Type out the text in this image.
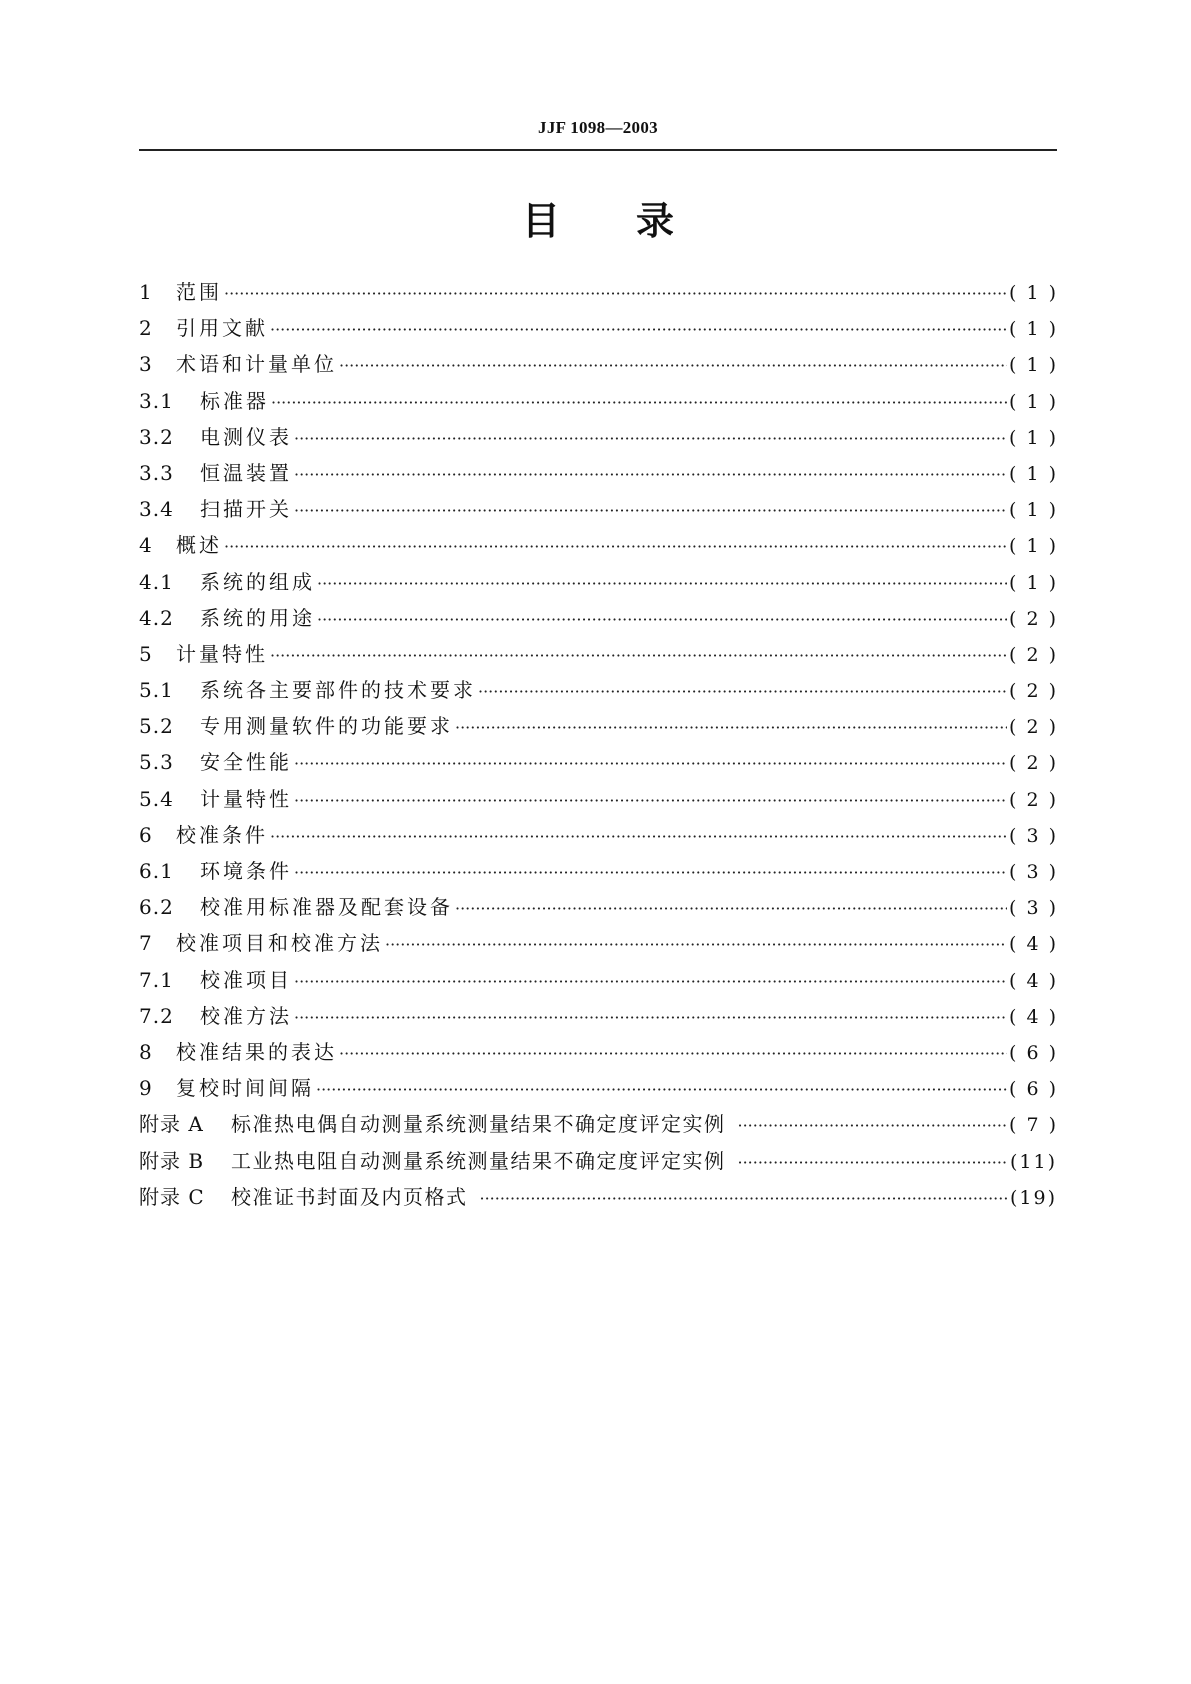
JJF 1098—2003
目录
1	范围 ·····	( 1 )
2	引用文献 ·····	( 1 )
3	术语和计量单位 ·····	( 1 )
3.1	标准器 ·····	( 1 )
3.2	电测仪表 ·····	( 1 )
3.3	恒温装置 ·····	( 1 )
3.4	扫描开关 ·····	( 1 )
4	概述 ·····	( 1 )
4.1	系统的组成 ·····	( 1 )
4.2	系统的用途 ·····	( 2 )
5	计量特性 ·····	( 2 )
5.1	系统各主要部件的技术要求 ·····	( 2 )
5.2	专用测量软件的功能要求 ·····	( 2 )
5.3	安全性能 ·····	( 2 )
5.4	计量特性 ·····	( 2 )
6	校准条件 ·····	( 3 )
6.1	环境条件 ·····	( 3 )
6.2	校准用标准器及配套设备 ·····	( 3 )
7	校准项目和校准方法 ·····	( 4 )
7.1	校准项目 ·····	( 4 )
7.2	校准方法 ·····	( 4 )
8	校准结果的表达 ·····	( 6 )
9	复校时间间隔 ·····	( 6 )
附录 A	标准热电偶自动测量系统测量结果不确定度评定实例 ·····	( 7 )
附录 B	工业热电阻自动测量系统测量结果不确定度评定实例 ·····	(11)
附录 C	校准证书封面及内页格式 ·····	(19)
